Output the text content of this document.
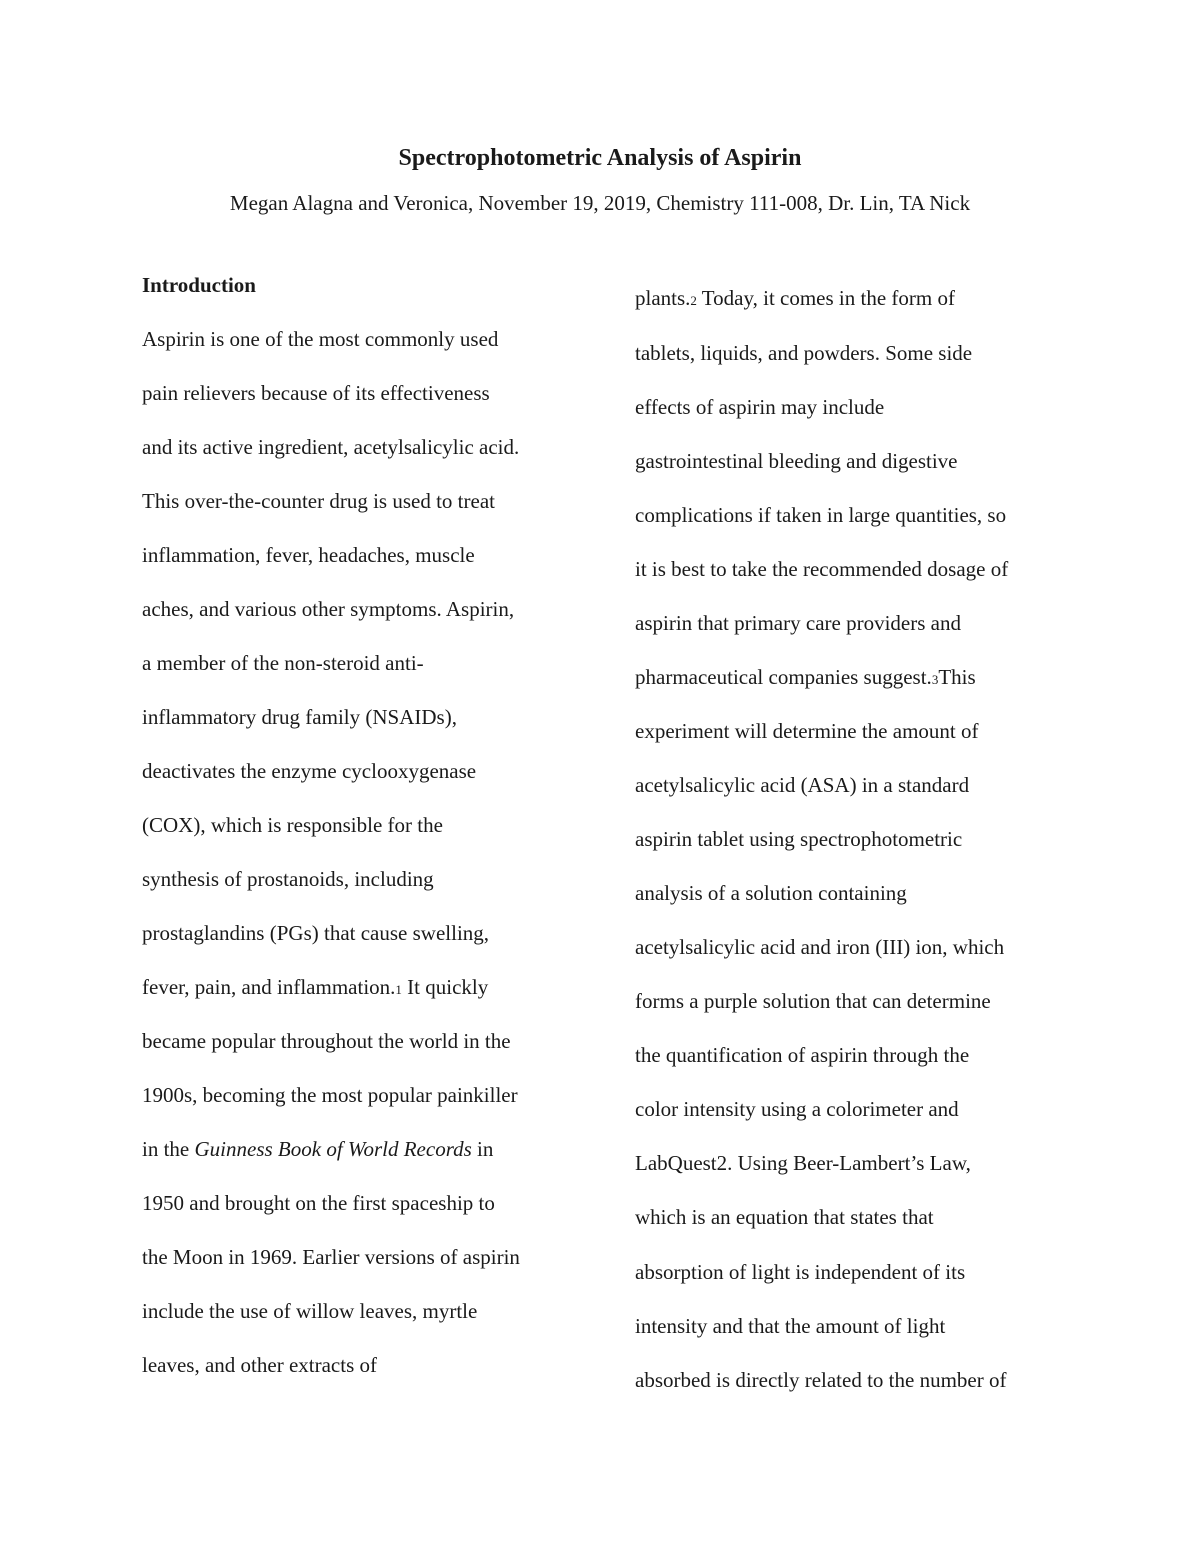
Spectrophotometric Analysis of Aspirin

Megan Alagna and Veronica, November 19, 2019, Chemistry 111-008, Dr. Lin, TA Nick

Introduction
Aspirin is one of the most commonly used
pain relievers because of its effectiveness
and its active ingredient, acetylsalicylic acid.
This over-the-counter drug is used to treat
inflammation, fever, headaches, muscle
aches, and various other symptoms. Aspirin,
a member of the non-steroid anti-
inflammatory drug family (NSAIDs),
deactivates the enzyme cyclooxygenase
(COX), which is responsible for the
synthesis of prostanoids, including
prostaglandins (PGs) that cause swelling,
fever, pain, and inflammation.1 It quickly
became popular throughout the world in the
1900s, becoming the most popular painkiller
in the Guinness Book of World Records in
1950 and brought on the first spaceship to
the Moon in 1969. Earlier versions of aspirin
include the use of willow leaves, myrtle
leaves, and other extracts of
plants.2 Today, it comes in the form of
tablets, liquids, and powders. Some side
effects of aspirin may include
gastrointestinal bleeding and digestive
complications if taken in large quantities, so
it is best to take the recommended dosage of
aspirin that primary care providers and
pharmaceutical companies suggest.3This
experiment will determine the amount of
acetylsalicylic acid (ASA) in a standard
aspirin tablet using spectrophotometric
analysis of a solution containing
acetylsalicylic acid and iron (III) ion, which
forms a purple solution that can determine
the quantification of aspirin through the
color intensity using a colorimeter and
LabQuest2. Using Beer-Lambert’s Law,
which is an equation that states that
absorption of light is independent of its
intensity and that the amount of light
absorbed is directly related to the number of
